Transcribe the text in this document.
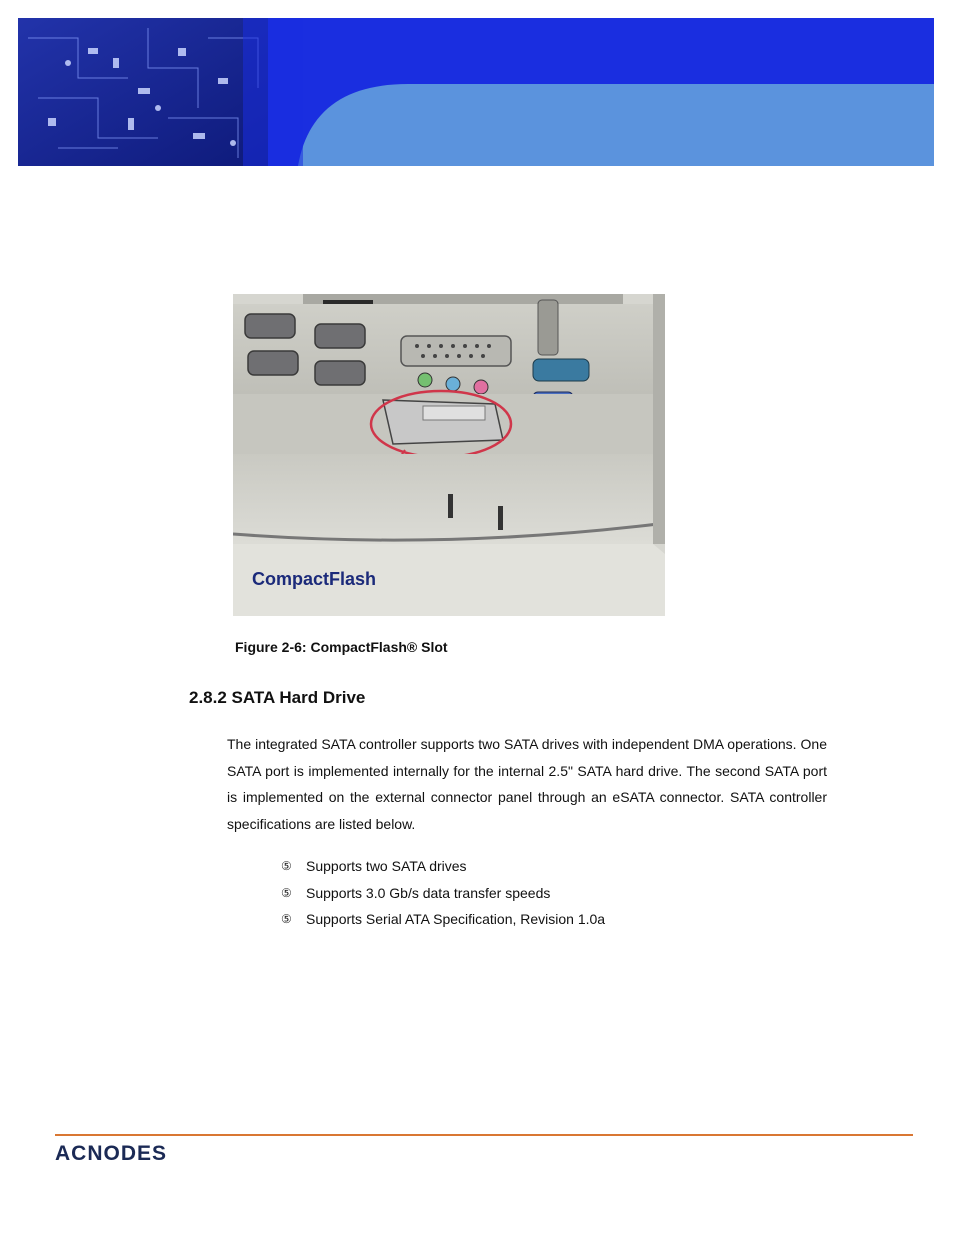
CompactFlash
Figure 2-6: CompactFlash® Slot
2.8.2 SATA Hard Drive

The integrated SATA controller supports two SATA drives with independent DMA operations. One SATA port is implemented internally for the internal 2.5" SATA hard drive. The second SATA port is implemented on the external connector panel through an eSATA connector. SATA controller specifications are listed below.

⑤	Supports two SATA drives
⑤	Supports 3.0 Gb/s data transfer speeds
⑤	Supports Serial ATA Specification, Revision 1.0a
ACNODES
